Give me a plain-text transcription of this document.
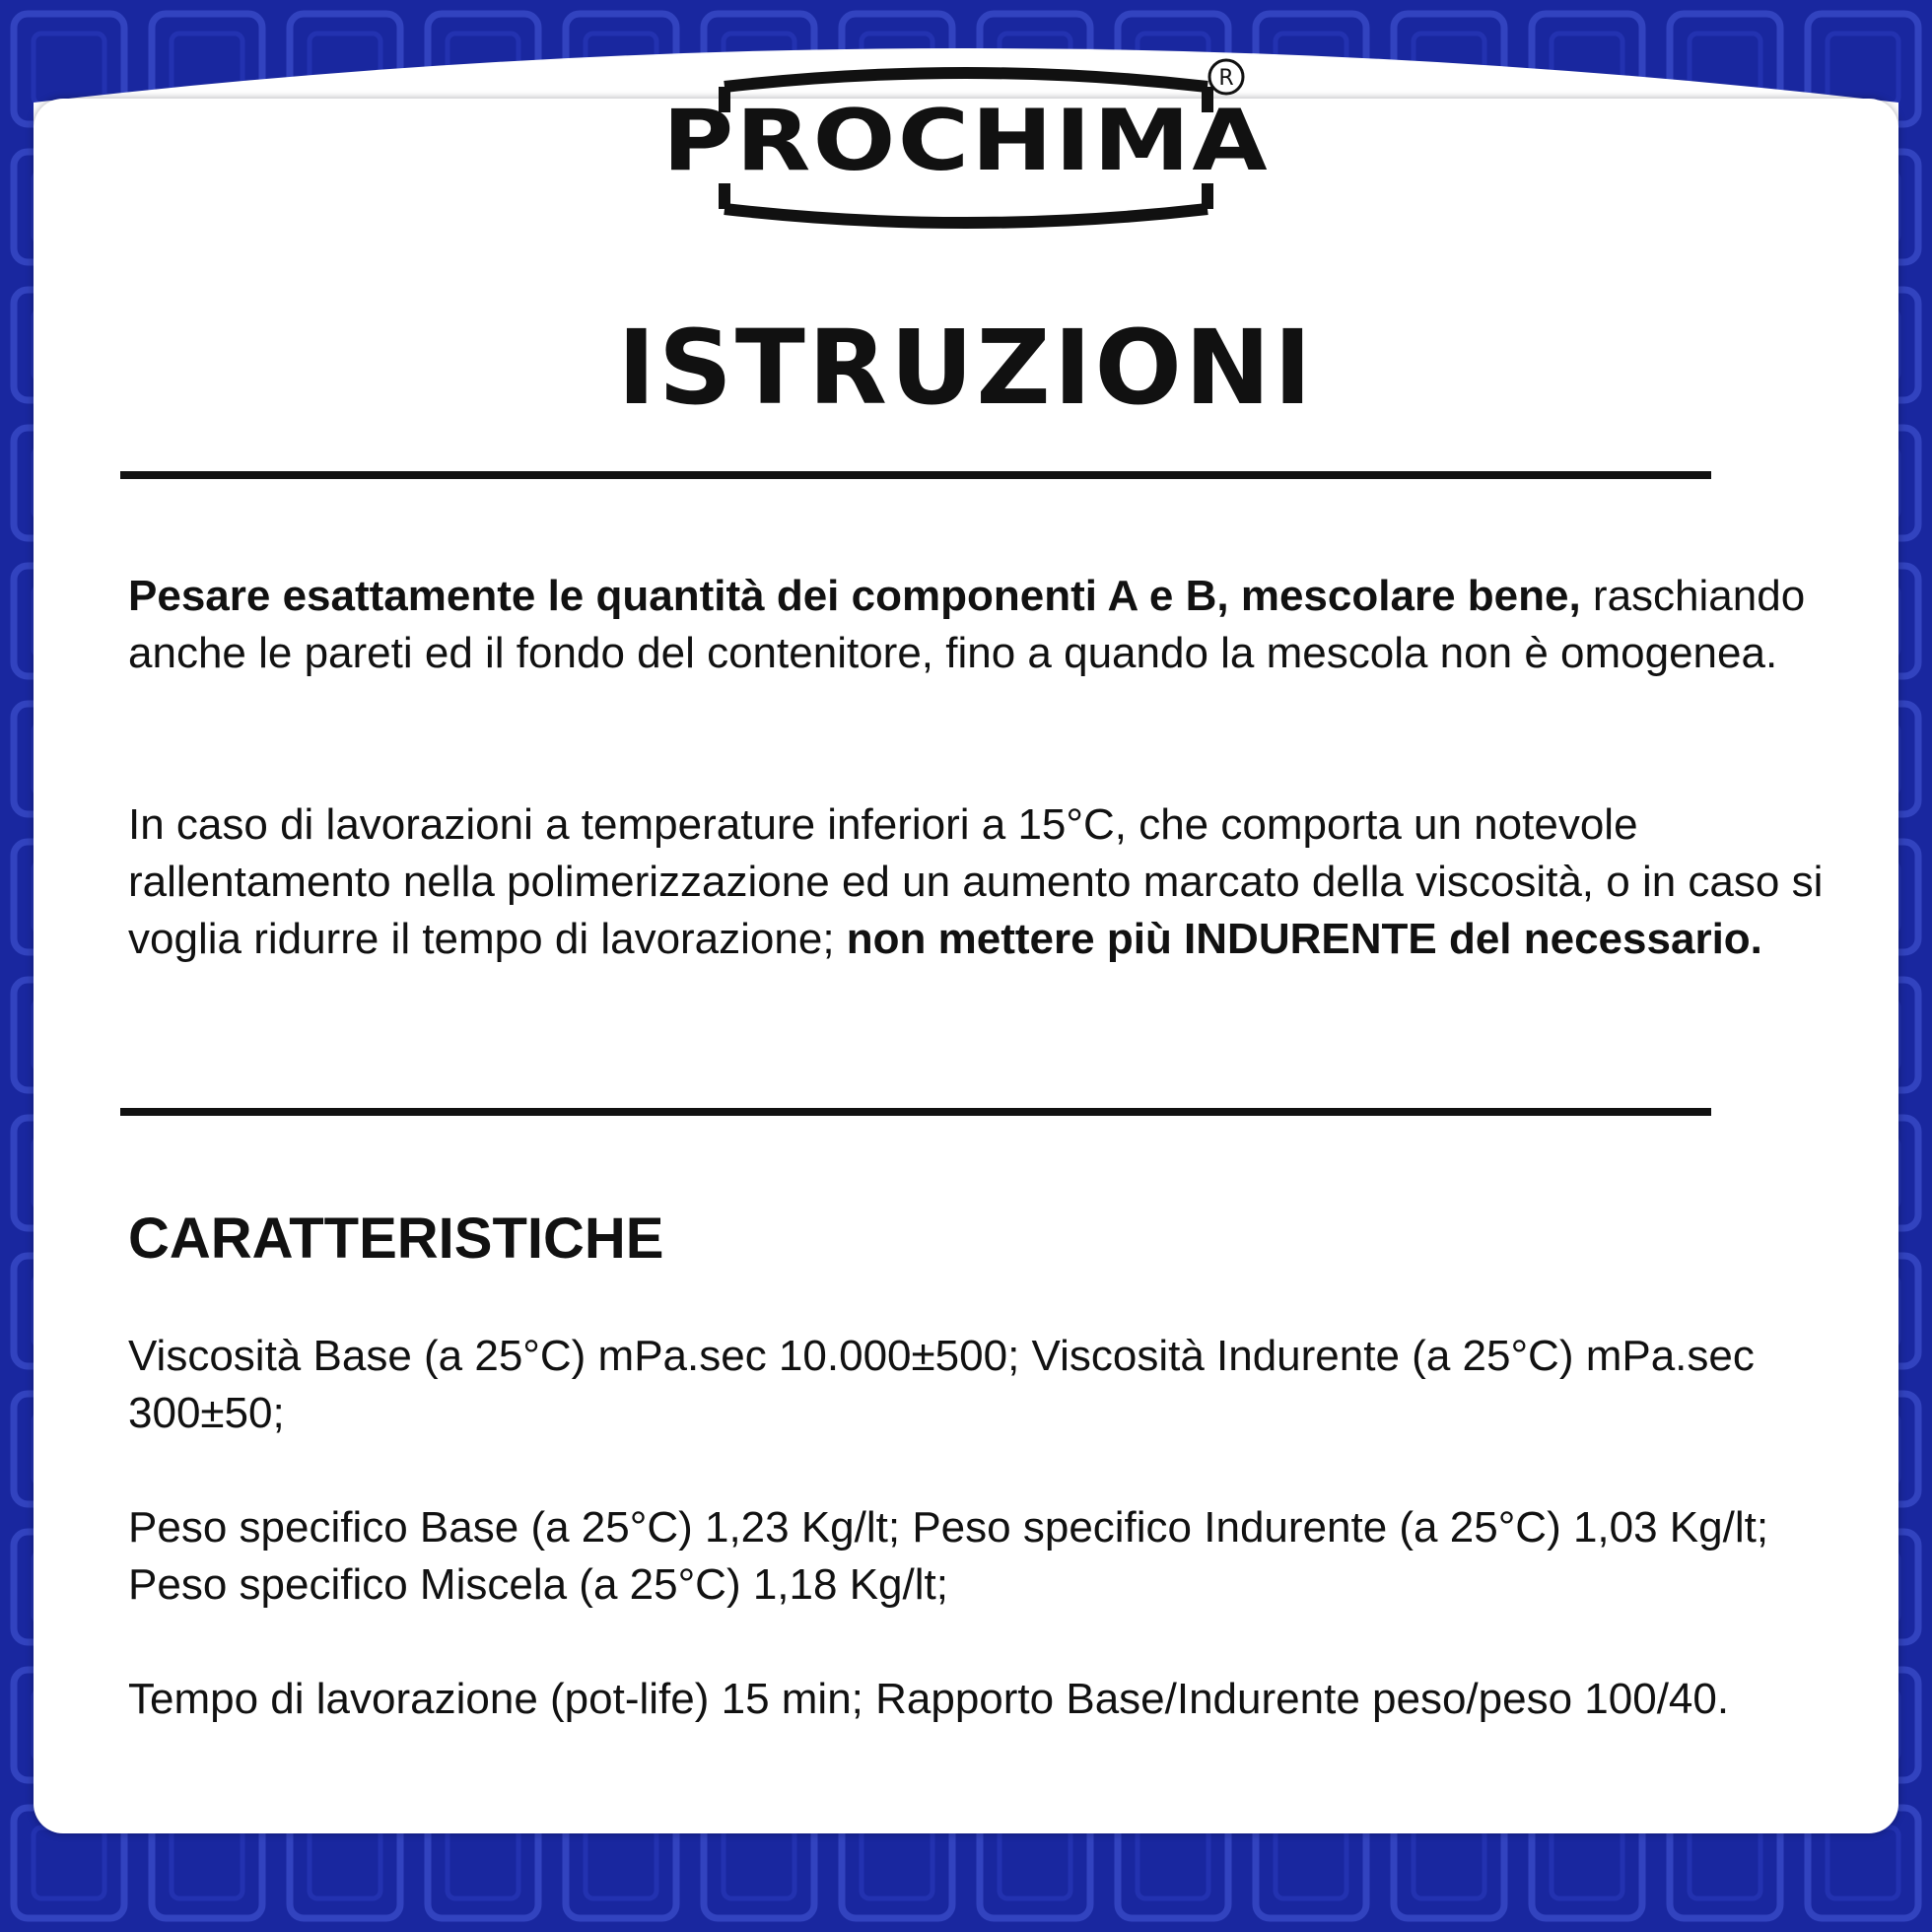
PROCHIMA
R
ISTRUZIONI

Pesare esattamente le quantità dei componenti A e B, mescolare bene, raschiando anche le pareti ed il fondo del contenitore, fino a quando la mescola non è omogenea.

In caso di lavorazioni a temperature inferiori a 15°C, che comporta un notevole rallentamento nella polimerizzazione ed un aumento marcato della viscosità, o in caso si voglia ridurre il tempo di lavorazione; non mettere più INDURENTE del necessario.

CARATTERISTICHE

Viscosità Base (a 25°C) mPa.sec 10.000±500; Viscosità Indurente (a 25°C) mPa.sec 300±50;

Peso specifico Base (a 25°C) 1,23 Kg/lt; Peso specifico Indurente (a 25°C) 1,03 Kg/lt; Peso specifico Miscela (a 25°C) 1,18 Kg/lt;

Tempo di lavorazione (pot-life) 15 min; Rapporto Base/Indurente peso/peso 100/40.
